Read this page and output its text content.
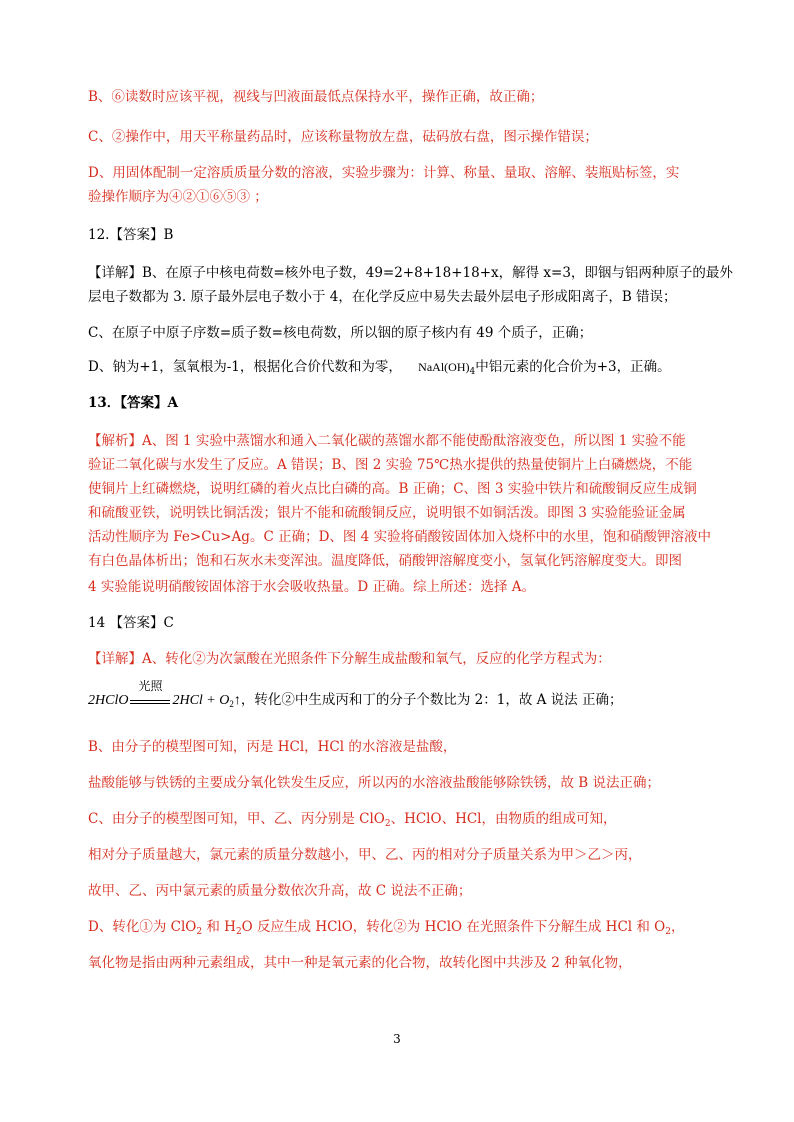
B、⑥读数时应该平视，视线与凹液面最低点保持水平，操作正确，故正确；
C、②操作中，用天平称量药品时，应该称量物放左盘，砝码放右盘，图示操作错误；
D、用固体配制一定溶质质量分数的溶液，实验步骤为：计算、称量、量取、溶解、装瓶贴标签，实
验操作顺序为④②①⑥⑤③ ；
12.【答案】B
【详解】B、在原子中核电荷数=核外电子数，49=2+8+18+18+x，解得 x=3，即铟与铝两种原子的最外
层电子数都为 3. 原子最外层电子数小于 4，在化学反应中易失去最外层电子形成阳离子，B 错误；
C、在原子中原子序数=质子数=核电荷数，所以铟的原子核内有 49 个质子，正确；
D、钠为+1，氢氧根为-1，根据化合价代数和为零， $NaAl(OH)_4$中铝元素的化合价为+3，正确。
13．【答案】A
【解析】A、图 1 实验中蒸馏水和通入二氧化碳的蒸馏水都不能使酚酞溶液变色，所以图 1 实验不能
验证二氧化碳与水发生了反应。A 错误；B、图 2 实验 75℃热水提供的热量使铜片上白磷燃烧，不能
使铜片上红磷燃烧，说明红磷的着火点比白磷的高。B 正确；C、图 3 实验中铁片和硫酸铜反应生成铜
和硫酸亚铁，说明铁比铜活泼；银片不能和硫酸铜反应，说明银不如铜活泼。即图 3 实验能验证金属
活动性顺序为 Fe>Cu>Ag。C 正确；D、图 4 实验将硝酸铵固体加入烧杯中的水里，饱和硝酸钾溶液中
有白色晶体析出；饱和石灰水未变浑浊。温度降低，硝酸钾溶解度变小，氢氧化钙溶解度变大。即图
4 实验能说明硝酸铵固体溶于水会吸收热量。D 正确。综上所述：选择 A。
14 【答案】C
【详解】A、转化②为次氯酸在光照条件下分解生成盐酸和氧气，反应的化学方程式为：
2HClO
光照
$2HCl + O_2↑$，转化②中生成丙和丁的分子个数比为 2：1，故 A 说法 正确；
B、由分子的模型图可知，丙是 HCl，HCl 的水溶液是盐酸，
盐酸能够与铁锈的主要成分氧化铁发生反应，所以丙的水溶液盐酸能够除铁锈，故 B 说法正确；
C、由分子的模型图可知，甲、乙、丙分别是 ClO$_2$、HClO、HCl，由物质的组成可知，
相对分子质量越大，氯元素的质量分数越小，甲、乙、丙的相对分子质量关系为甲＞乙＞丙，
故甲、乙、丙中氯元素的质量分数依次升高，故 C 说法不正确；
D、转化①为 ClO$_2$ 和 $H_2O$ 反应生成 HClO，转化②为 HClO 在光照条件下分解生成 HCl 和 $O_2$，
氧化物是指由两种元素组成，其中一种是氧元素的化合物，故转化图中共涉及 2 种氧化物，
3
